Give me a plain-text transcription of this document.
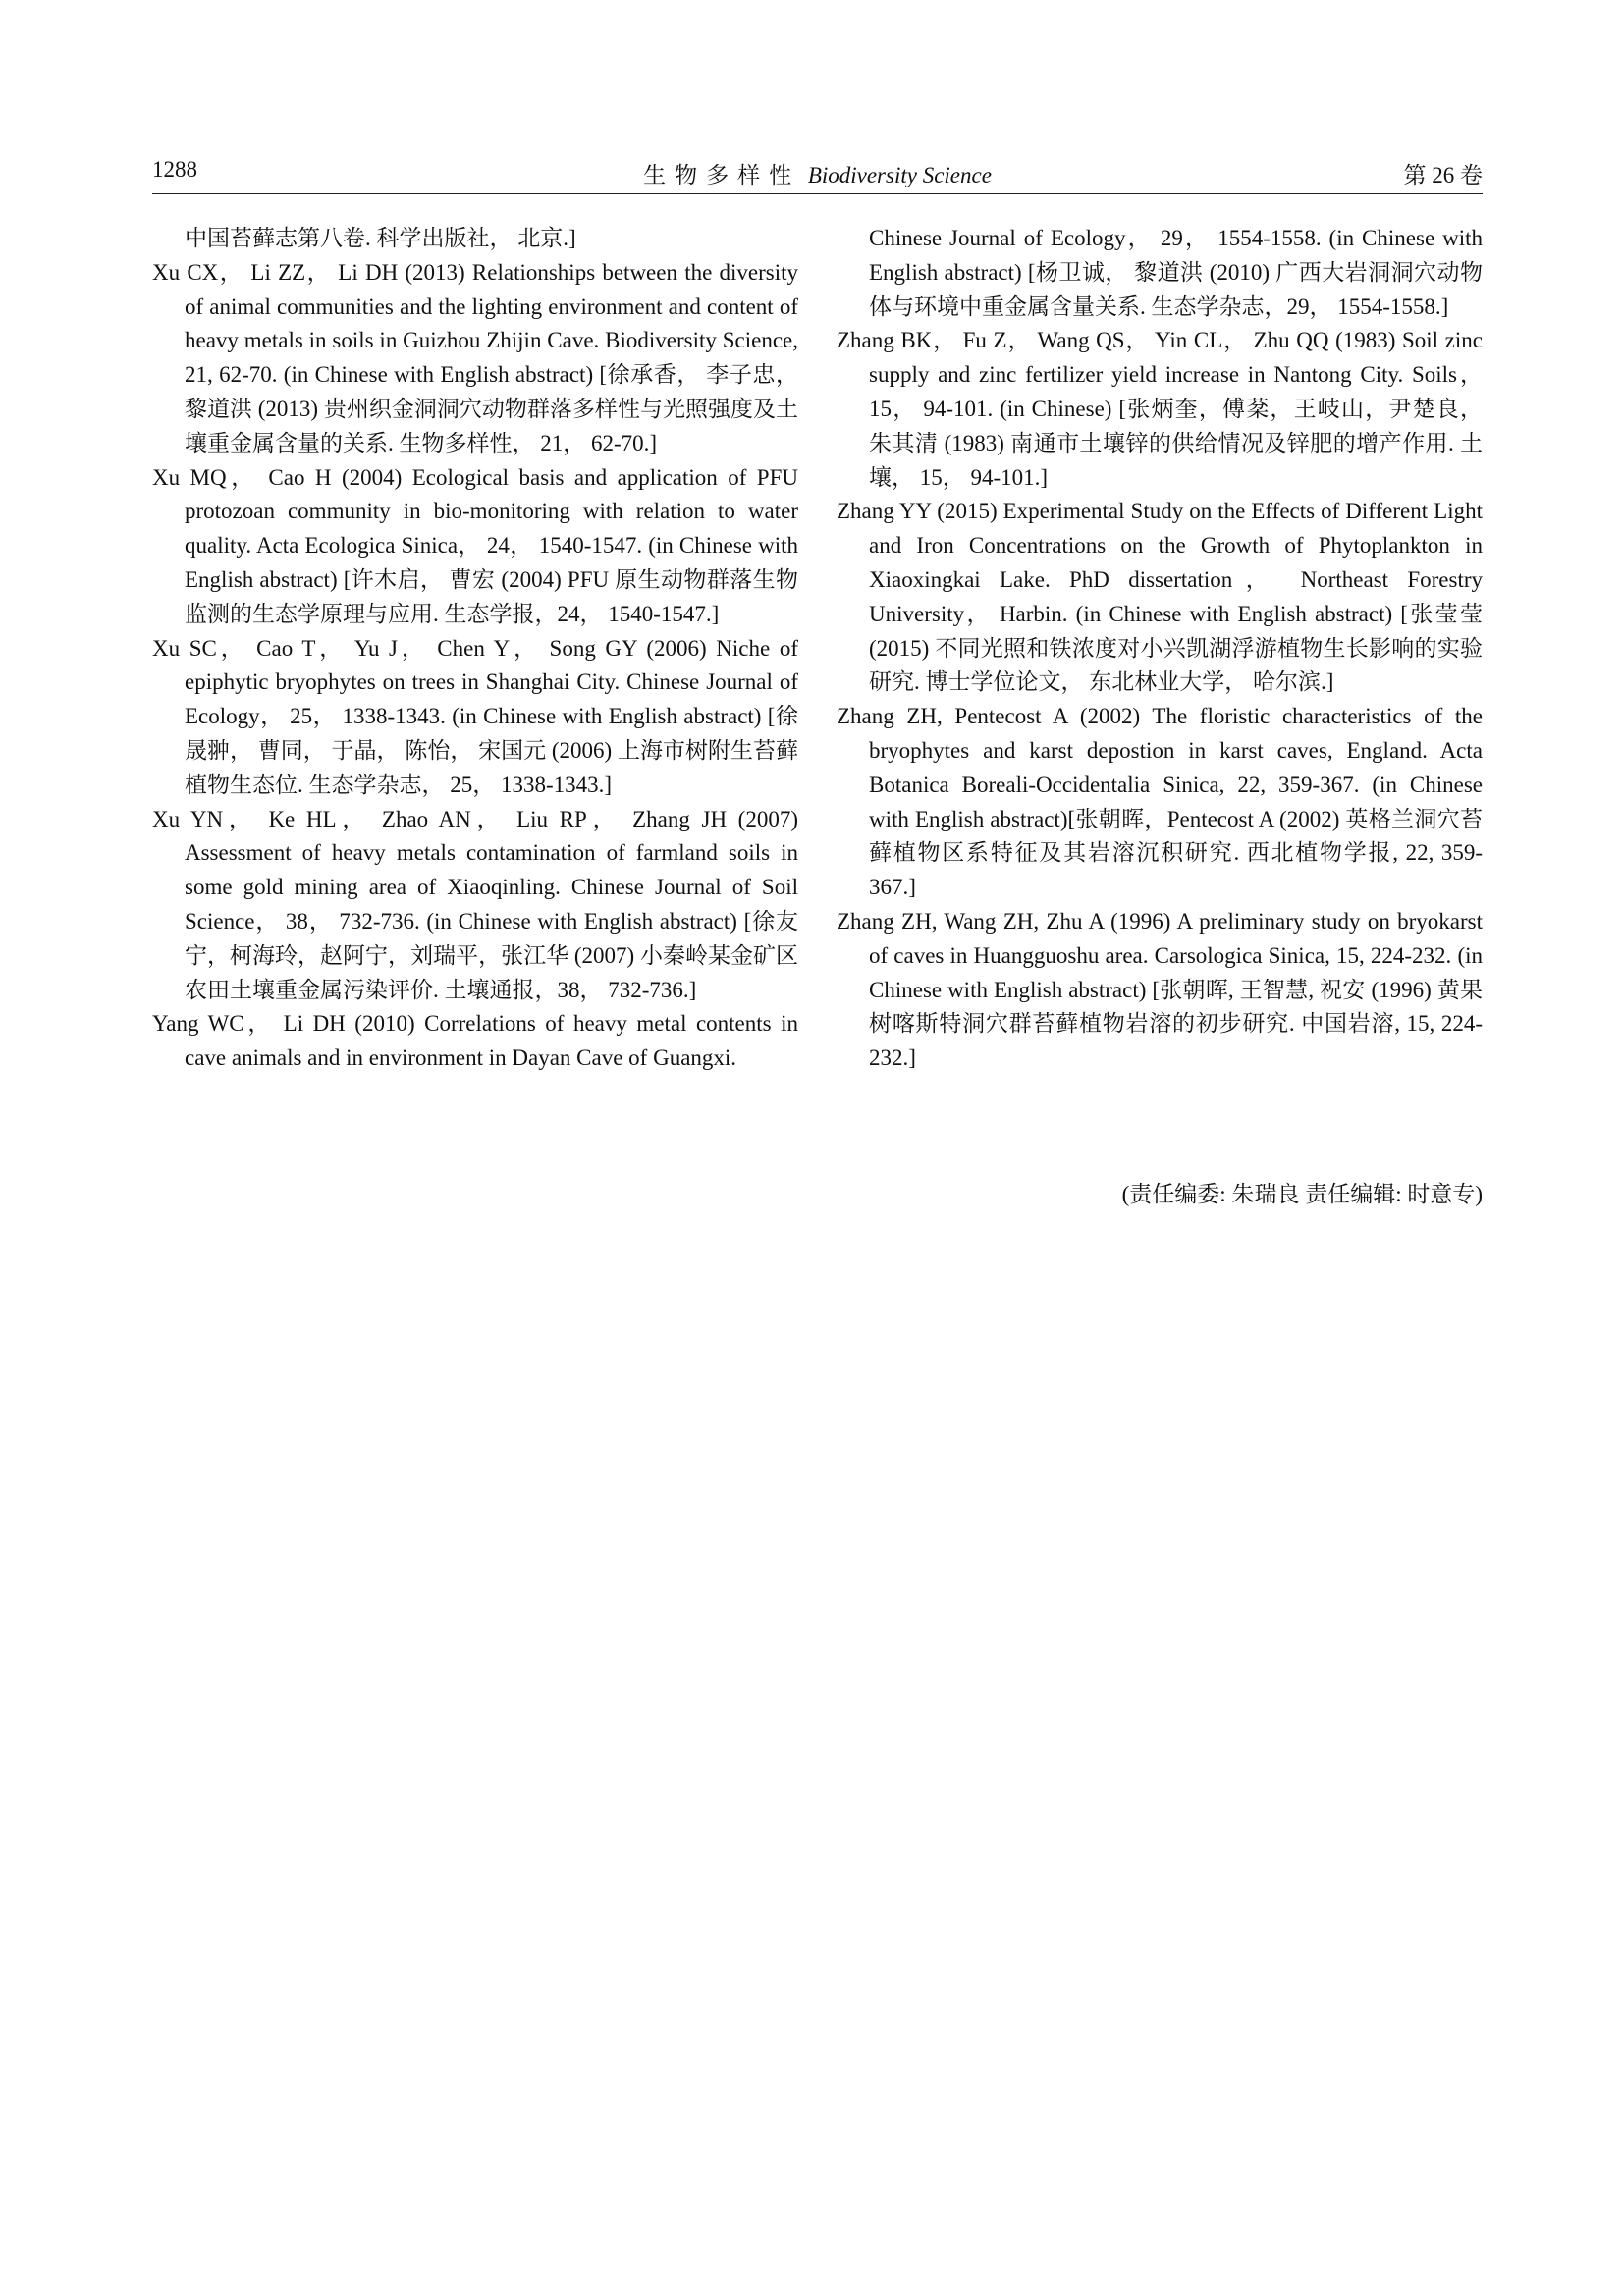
1288	生物多样性 Biodiversity Science	第 26 卷

中国苔藓志第八卷. 科学出版社， 北京.]

Xu CX， Li ZZ， Li DH (2013) Relationships between the diversity of animal communities and the lighting environment and content of heavy metals in soils in Guizhou Zhijin Cave. Biodiversity Science, 21, 62-70. (in Chinese with English abstract) [徐承香， 李子忠， 黎道洪 (2013) 贵州织金洞洞穴动物群落多样性与光照强度及土壤重金属含量的关系. 生物多样性， 21， 62-70.]

Xu MQ， Cao H (2004) Ecological basis and application of PFU protozoan community in bio-monitoring with relation to water quality. Acta Ecologica Sinica， 24， 1540-1547. (in Chinese with English abstract) [许木启， 曹宏 (2004) PFU 原生动物群落生物监测的生态学原理与应用. 生态学报，24， 1540-1547.]

Xu SC， Cao T， Yu J， Chen Y， Song GY (2006) Niche of epiphytic bryophytes on trees in Shanghai City. Chinese Journal of Ecology， 25， 1338-1343. (in Chinese with English abstract) [徐晟翀， 曹同， 于晶， 陈怡， 宋国元 (2006) 上海市树附生苔藓植物生态位. 生态学杂志， 25， 1338-1343.]

Xu YN， Ke HL， Zhao AN， Liu RP， Zhang JH (2007) Assessment of heavy metals contamination of farmland soils in some gold mining area of Xiaoqinling. Chinese Journal of Soil Science， 38， 732-736. (in Chinese with English abstract) [徐友宁，柯海玲，赵阿宁，刘瑞平，张江华 (2007) 小秦岭某金矿区农田土壤重金属污染评价. 土壤通报，38， 732-736.]

Yang WC， Li DH (2010) Correlations of heavy metal contents in cave animals and in environment in Dayan Cave of Guangxi.

Chinese Journal of Ecology， 29， 1554-1558. (in Chinese with English abstract) [杨卫诚， 黎道洪 (2010) 广西大岩洞洞穴动物体与环境中重金属含量关系. 生态学杂志，29， 1554-1558.]

Zhang BK， Fu Z， Wang QS， Yin CL， Zhu QQ (1983) Soil zinc supply and zinc fertilizer yield increase in Nantong City. Soils， 15， 94-101. (in Chinese) [张炳奎，傅棻，王岐山，尹楚良， 朱其清 (1983) 南通市土壤锌的供给情况及锌肥的增产作用. 土壤， 15， 94-101.]

Zhang YY (2015) Experimental Study on the Effects of Different Light and Iron Concentrations on the Growth of Phytoplankton in Xiaoxingkai Lake. PhD dissertation， Northeast Forestry University， Harbin. (in Chinese with English abstract) [张莹莹 (2015) 不同光照和铁浓度对小兴凯湖浮游植物生长影响的实验研究. 博士学位论文， 东北林业大学， 哈尔滨.]

Zhang ZH, Pentecost A (2002) The floristic characteristics of the bryophytes and karst depostion in karst caves, England. Acta Botanica Boreali-Occidentalia Sinica, 22, 359-367. (in Chinese with English abstract)[张朝晖，Pentecost A (2002) 英格兰洞穴苔藓植物区系特征及其岩溶沉积研究. 西北植物学报, 22, 359-367.]

Zhang ZH, Wang ZH, Zhu A (1996) A preliminary study on bryokarst of caves in Huangguoshu area. Carsologica Sinica, 15, 224-232. (in Chinese with English abstract) [张朝晖, 王智慧, 祝安 (1996) 黄果树喀斯特洞穴群苔藓植物岩溶的初步研究. 中国岩溶, 15, 224-232.]

(责任编委: 朱瑞良 责任编辑: 时意专)
